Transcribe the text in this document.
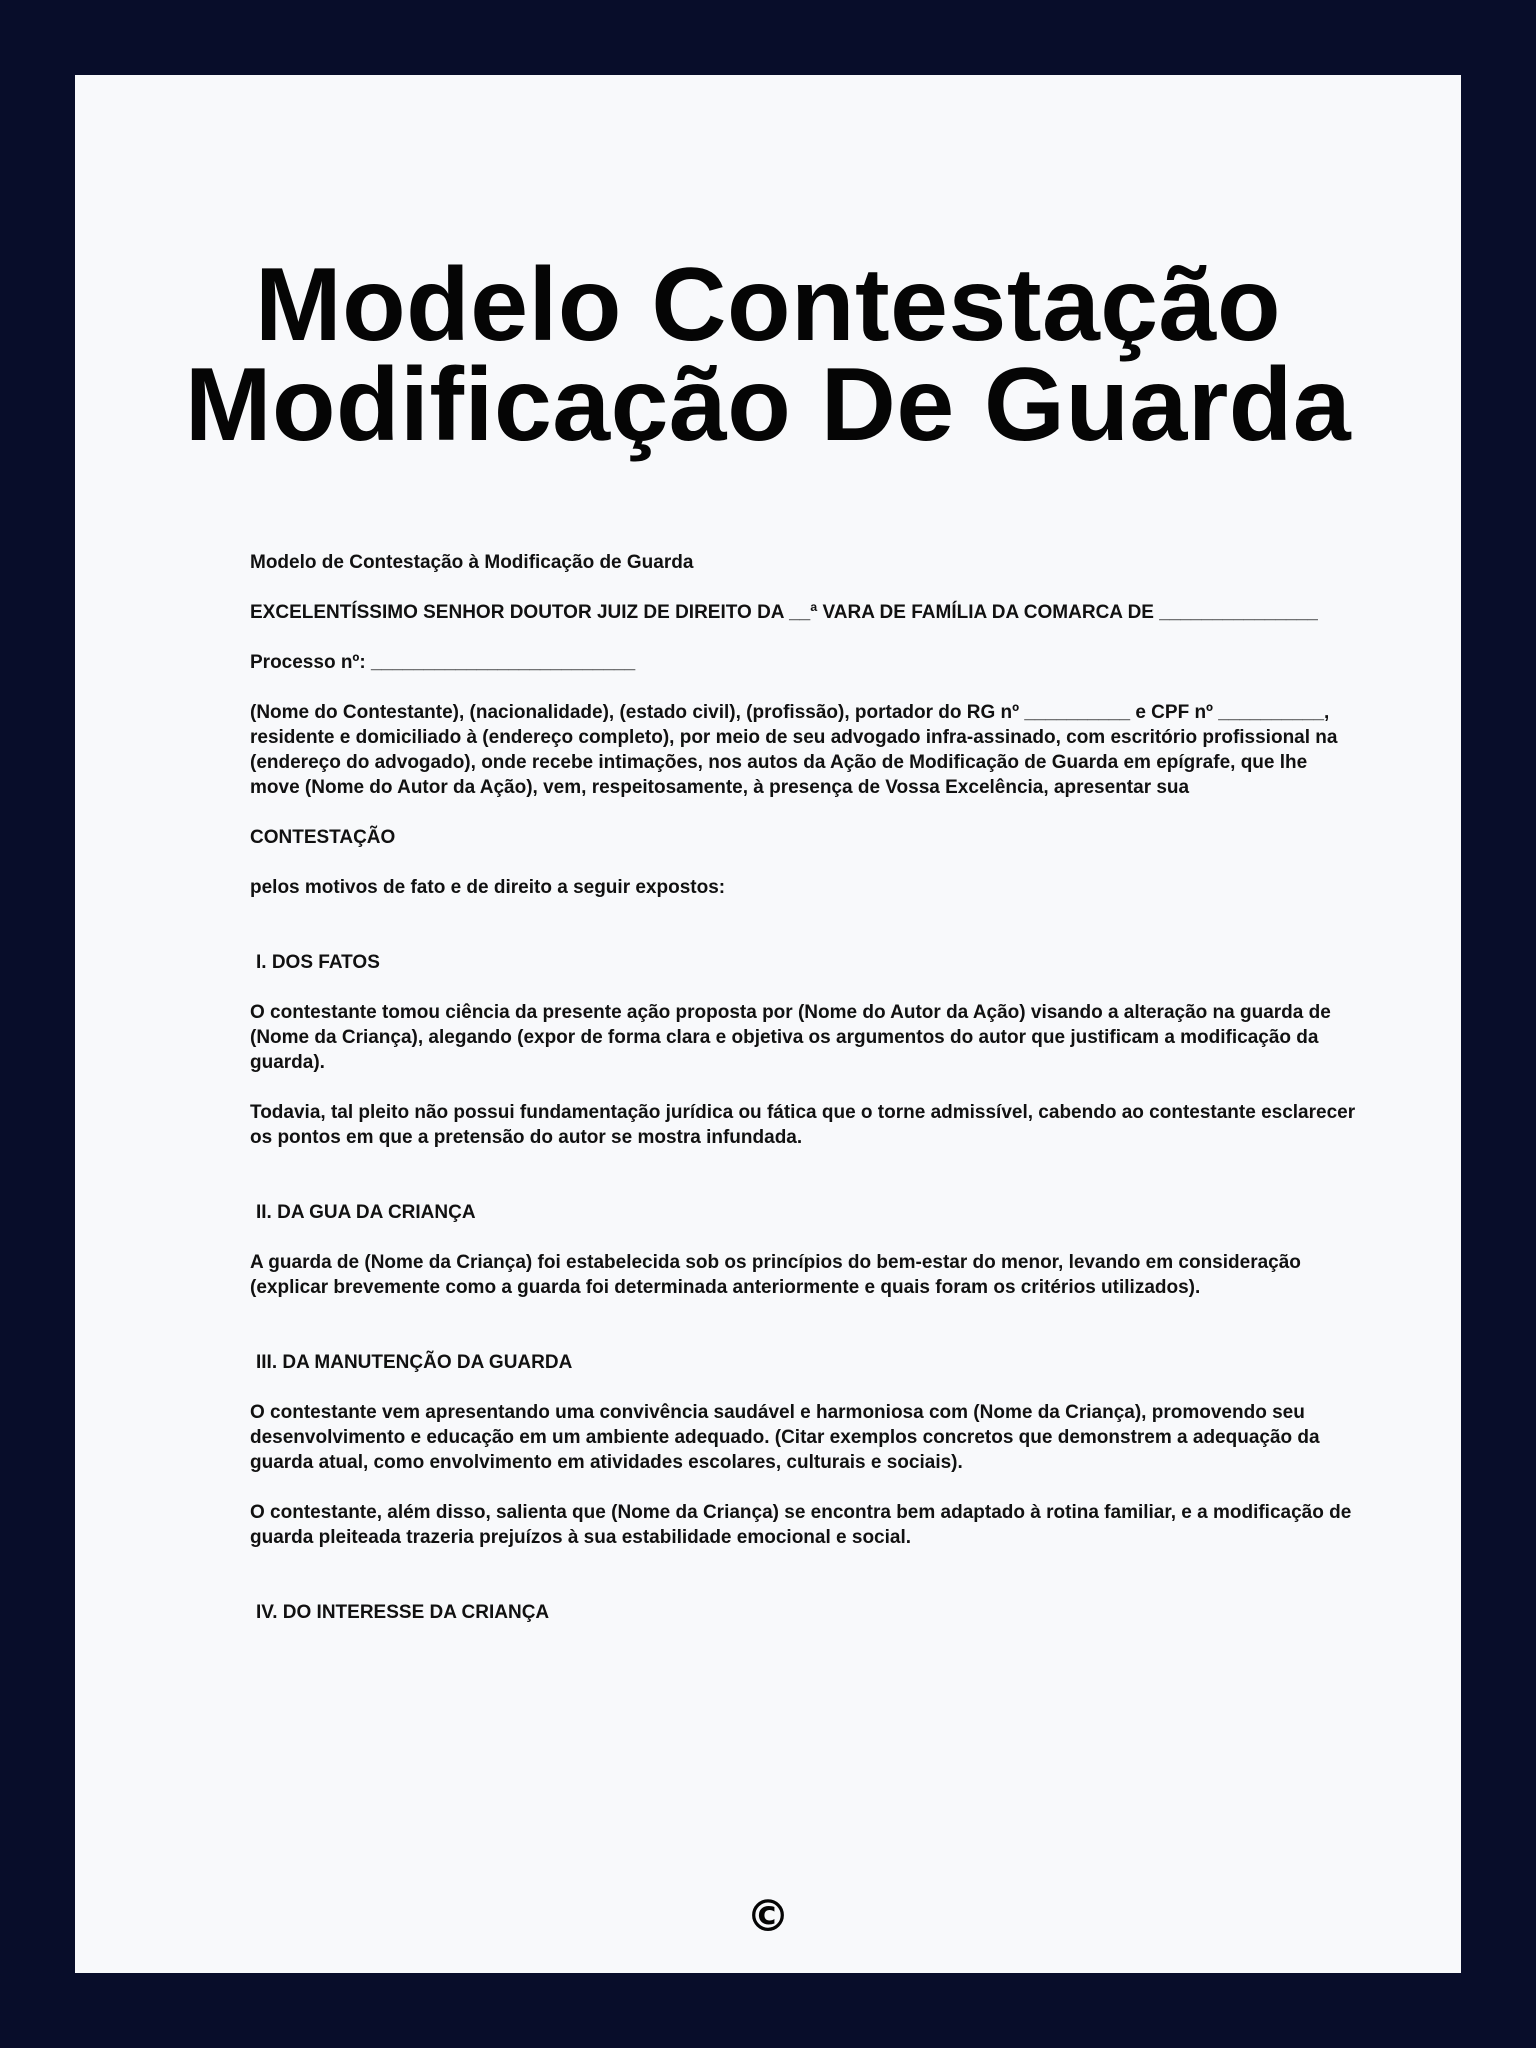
Modelo Contestação
Modificação De Guarda

Modelo de Contestação à Modificação de Guarda

EXCELENTÍSSIMO SENHOR DOUTOR JUIZ DE DIREITO DA __ª VARA DE FAMÍLIA DA COMARCA DE _______________

Processo nº: _________________________

(Nome do Contestante), (nacionalidade), (estado civil), (profissão), portador do RG nº __________ e CPF nº __________, residente e domiciliado à (endereço completo), por meio de seu advogado infra-assinado, com escritório profissional na (endereço do advogado), onde recebe intimações, nos autos da Ação de Modificação de Guarda em epígrafe, que lhe move (Nome do Autor da Ação), vem, respeitosamente, à presença de Vossa Excelência, apresentar sua

CONTESTAÇÃO

pelos motivos de fato e de direito a seguir expostos:

I. DOS FATOS

O contestante tomou ciência da presente ação proposta por (Nome do Autor da Ação) visando a alteração na guarda de (Nome da Criança), alegando (expor de forma clara e objetiva os argumentos do autor que justificam a modificação da guarda).

Todavia, tal pleito não possui fundamentação jurídica ou fática que o torne admissível, cabendo ao contestante esclarecer os pontos em que a pretensão do autor se mostra infundada.

II. DA GUA DA CRIANÇA

A guarda de (Nome da Criança) foi estabelecida sob os princípios do bem-estar do menor, levando em consideração (explicar brevemente como a guarda foi determinada anteriormente e quais foram os critérios utilizados).

III. DA MANUTENÇÃO DA GUARDA

O contestante vem apresentando uma convivência saudável e harmoniosa com (Nome da Criança), promovendo seu desenvolvimento e educação em um ambiente adequado. (Citar exemplos concretos que demonstrem a adequação da guarda atual, como envolvimento em atividades escolares, culturais e sociais).

O contestante, além disso, salienta que (Nome da Criança) se encontra bem adaptado à rotina familiar, e a modificação de guarda pleiteada trazeria prejuízos à sua estabilidade emocional e social.

IV. DO INTERESSE DA CRIANÇA

©
